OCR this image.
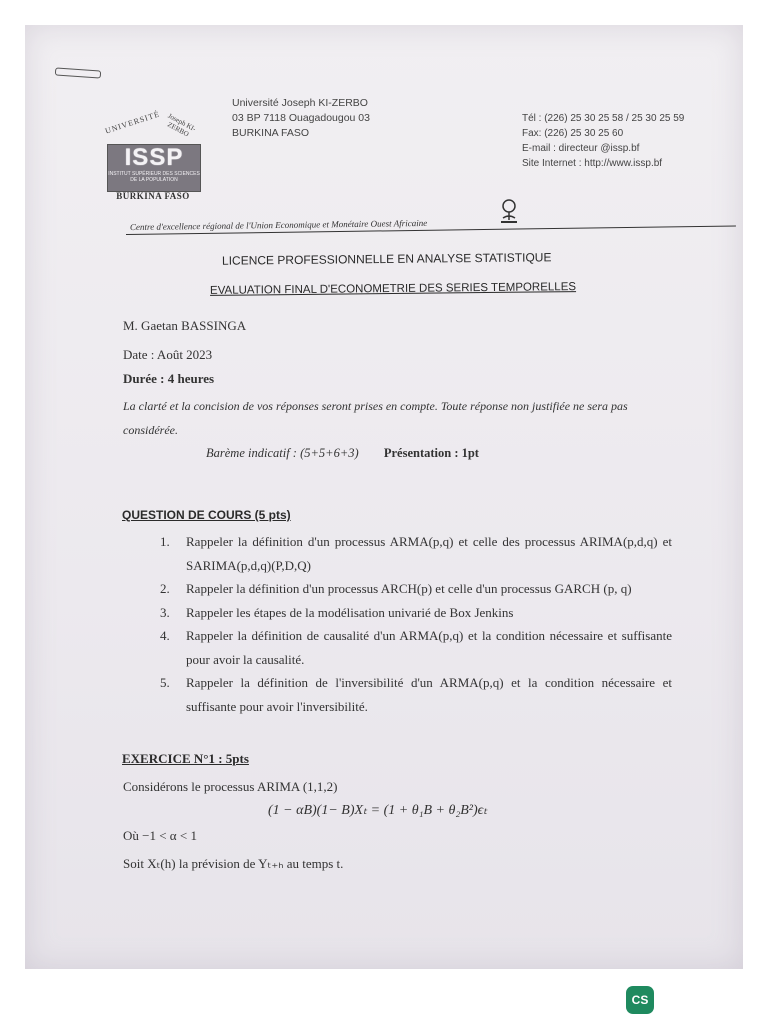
UNIVERSITÉ Joseph KI-ZERBO
ISSP
INSTITUT SUPÉRIEUR DES SCIENCES DE LA POPULATION
BURKINA FASO
Université Joseph KI-ZERBO
03 BP 7118 Ouagadougou 03
BURKINA FASO
Tél : (226) 25 30 25 58 / 25 30 25 59
Fax: (226) 25 30 25 60
E-mail : directeur @issp.bf
Site Internet : http://www.issp.bf
Centre d'excellence régional de l'Union Economique et Monétaire Ouest Africaine
LICENCE PROFESSIONNELLE EN ANALYSE STATISTIQUE
EVALUATION FINAL D'ECONOMETRIE DES SERIES TEMPORELLES
M. Gaetan BASSINGA
Date : Août 2023
Durée : 4 heures
La clarté et la concision de vos réponses seront prises en compte. Toute réponse non justifiée ne sera pas considérée.
Barème indicatif : (5+5+6+3) Présentation : 1pt
QUESTION DE COURS (5 pts)
1. Rappeler la définition d'un processus ARMA(p,q) et celle des processus ARIMA(p,d,q) et SARIMA(p,d,q)(P,D,Q)
2. Rappeler la définition d'un processus ARCH(p) et celle d'un processus GARCH (p, q)
3. Rappeler les étapes de la modélisation univarié de Box Jenkins
4. Rappeler la définition de causalité d'un ARMA(p,q) et la condition nécessaire et suffisante pour avoir la causalité.
5. Rappeler la définition de l'inversibilité d'un ARMA(p,q) et la condition nécessaire et suffisante pour avoir l'inversibilité.
EXERCICE N°1 : 5pts
Considérons le processus ARIMA (1,1,2)
(1 − αB)(1− B)Xₜ = (1 + θ₁B + θ₂B²)ϵₜ
Où −1 < α < 1
Soit Xₜ(h) la prévision de Yₜ₊ₕ au temps t.
CS
